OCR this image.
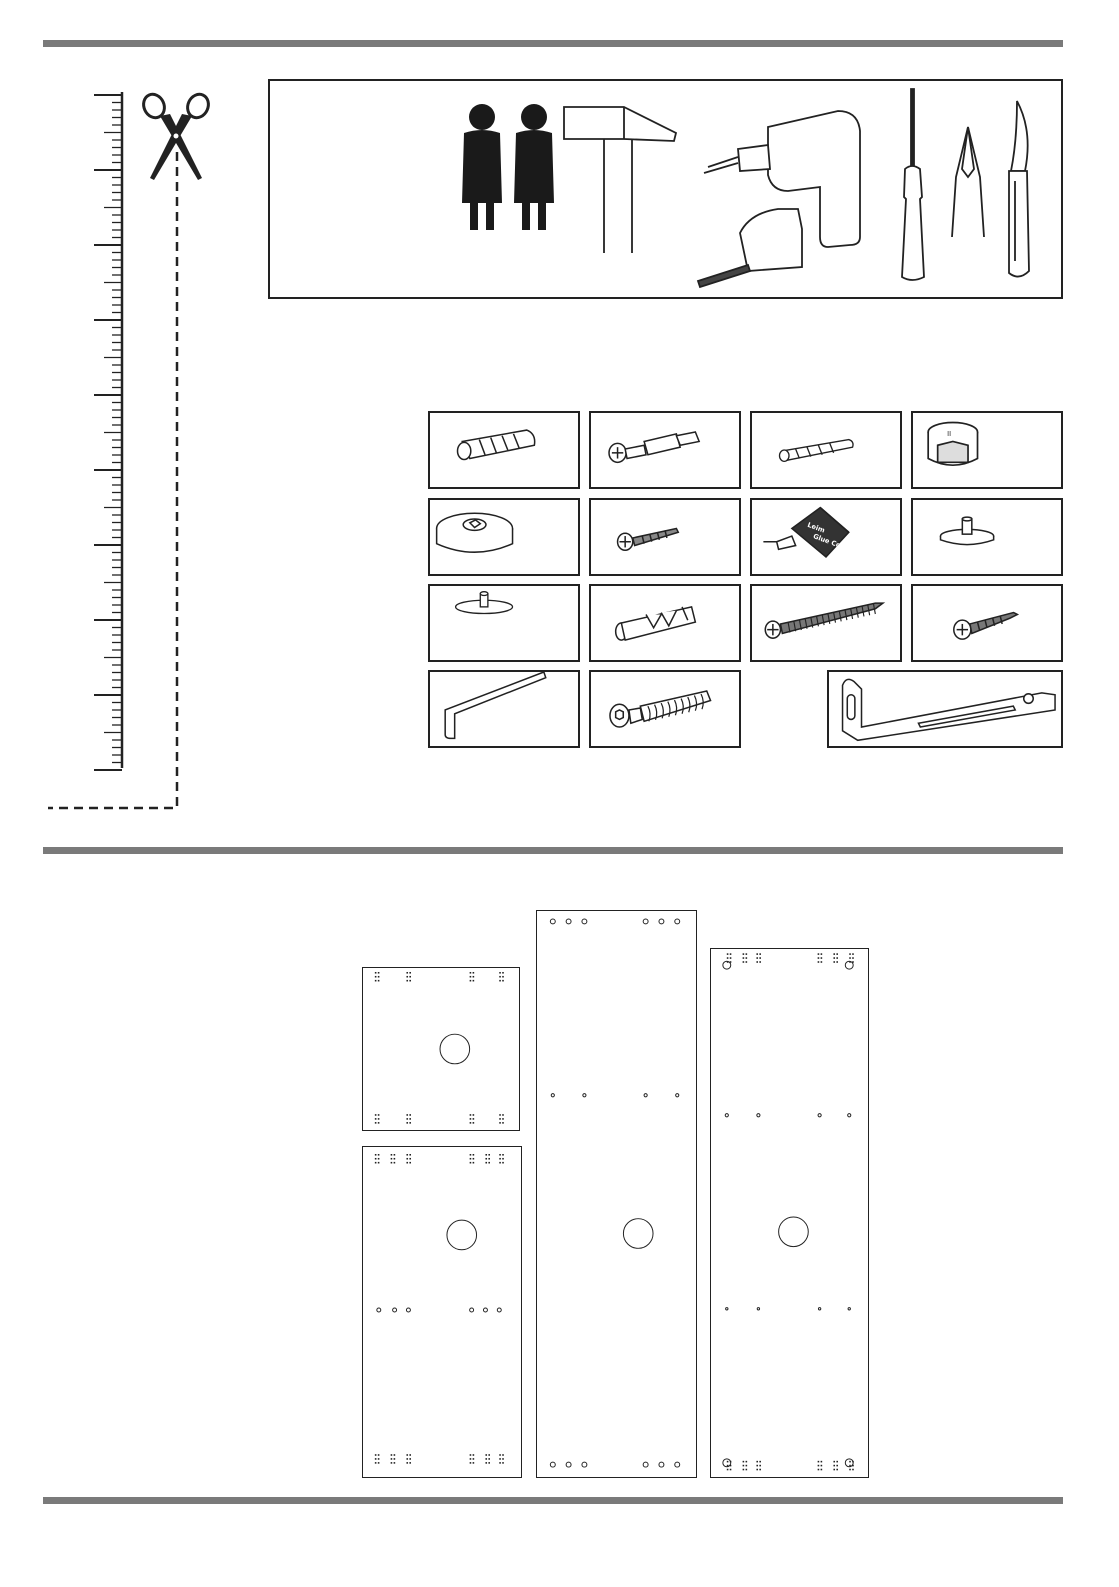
II
Leim
Glue Colle
